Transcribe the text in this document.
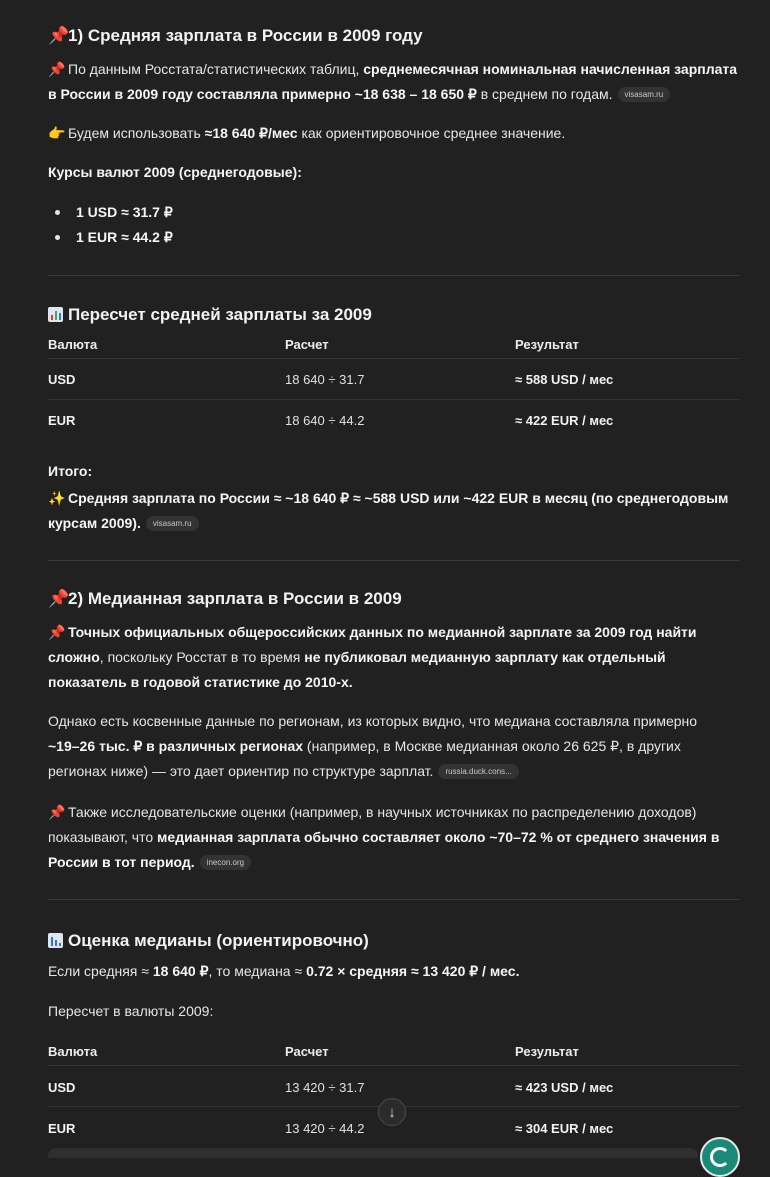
📌1) Средняя зарплата в России в 2009 году
📌 По данным Росстата/статистических таблиц, среднемесячная номинальная начисленная зарплата
в России в 2009 году составляла примерно ~18 638 – 18 650 ₽ в среднем по годам. visasam.ru
👉 Будем использовать ≈18 640 ₽/мес как ориентировочное среднее значение.
Курсы валют 2009 (среднегодовые):
1 USD ≈ 31.7 ₽
1 EUR ≈ 44.2 ₽
Пересчет средней зарплаты за 2009
Валюта	Расчет	Результат
USD	18 640 ÷ 31.7	≈ 588 USD / мес
EUR	18 640 ÷ 44.2	≈ 422 EUR / мес
Итого:
✨ Средняя зарплата по России ≈ ~18 640 ₽ ≈ ~588 USD или ~422 EUR в месяц (по среднегодовым
курсам 2009). visasam.ru
📌2) Медианная зарплата в России в 2009
📌 Точных официальных общероссийских данных по медианной зарплате за 2009 год найти
сложно, поскольку Росстат в то время не публиковал медианную зарплату как отдельный
показатель в годовой статистике до 2010-х.
Однако есть косвенные данные по регионам, из которых видно, что медиана составляла примерно
~19–26 тыс. ₽ в различных регионах (например, в Москве медианная около 26 625 ₽, в других
регионах ниже) — это дает ориентир по структуре зарплат. russia.duck.cons...
📌 Также исследовательские оценки (например, в научных источниках по распределению доходов)
показывают, что медианная зарплата обычно составляет около ~70–72 % от среднего значения в
России в тот период. inecon.org
Оценка медианы (ориентировочно)
Если средняя ≈ 18 640 ₽, то медиана ≈ 0.72 × средняя ≈ 13 420 ₽ / мес.
Пересчет в валюты 2009:
Валюта	Расчет	Результат
USD	13 420 ÷ 31.7	≈ 423 USD / мес
EUR	13 420 ÷ 44.2	≈ 304 EUR / мес
↓
